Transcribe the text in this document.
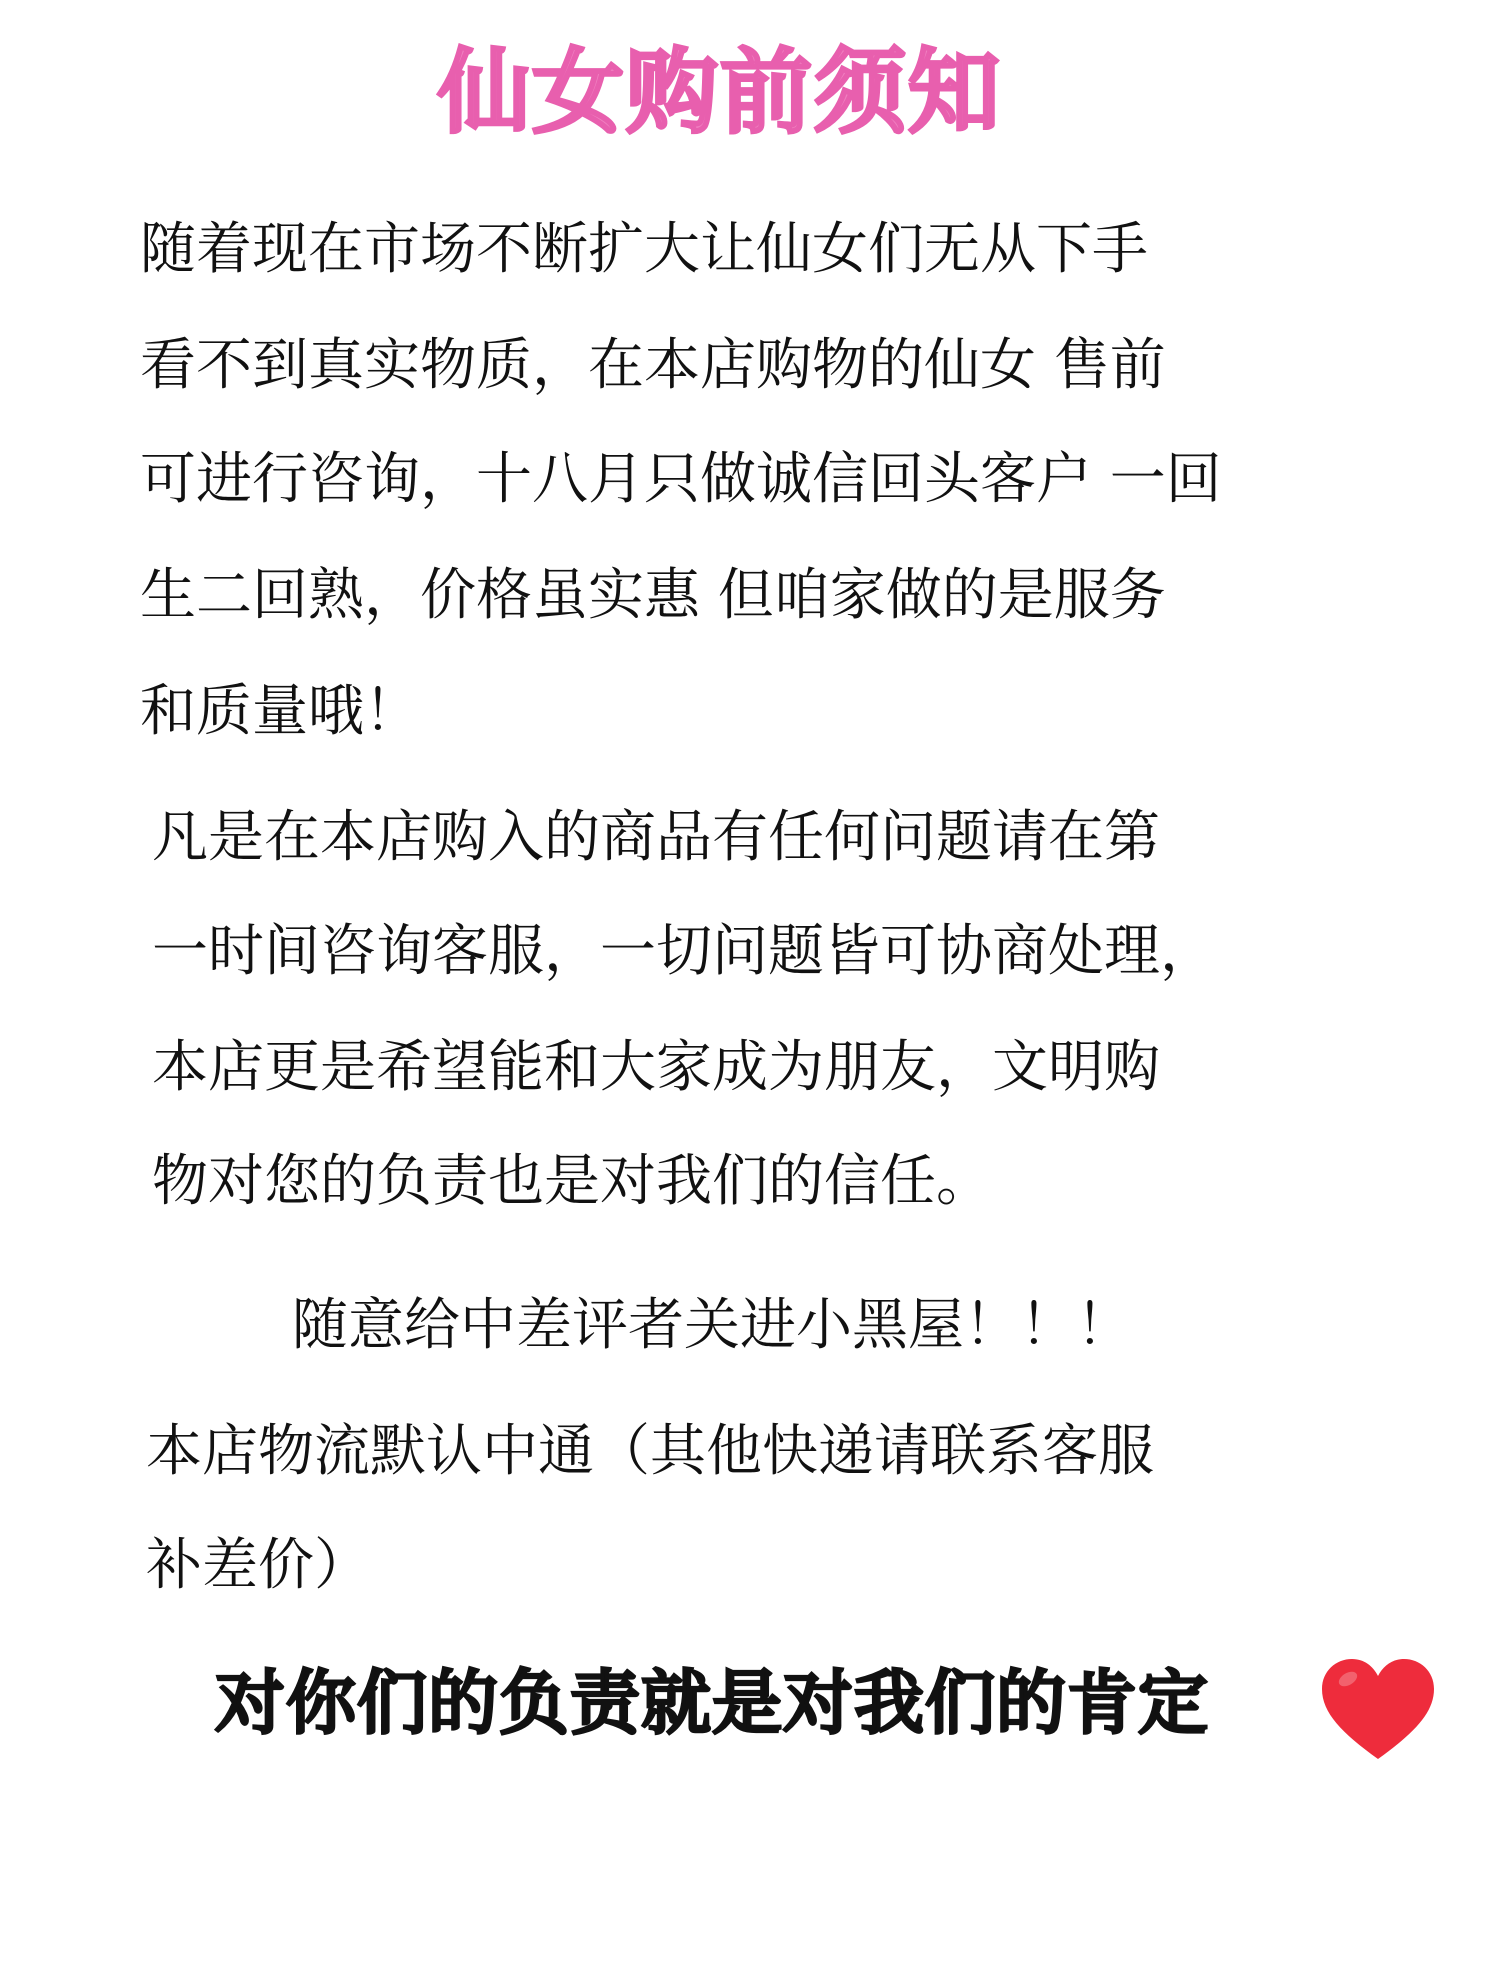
仙女购前须知
随着现在市场不断扩大让仙女们无从下手
看不到真实物质，在本店购物的仙女 售前
可进行咨询，十八月只做诚信回头客户 一回
生二回熟，价格虽实惠 但咱家做的是服务
和质量哦！
凡是在本店购入的商品有任何问题请在第
一时间咨询客服，一切问题皆可协商处理，
本店更是希望能和大家成为朋友，文明购
物对您的负责也是对我们的信任。
随意给中差评者关进小黑屋！！！
本店物流默认中通（其他快递请联系客服
补差价）
对你们的负责就是对我们的肯定
